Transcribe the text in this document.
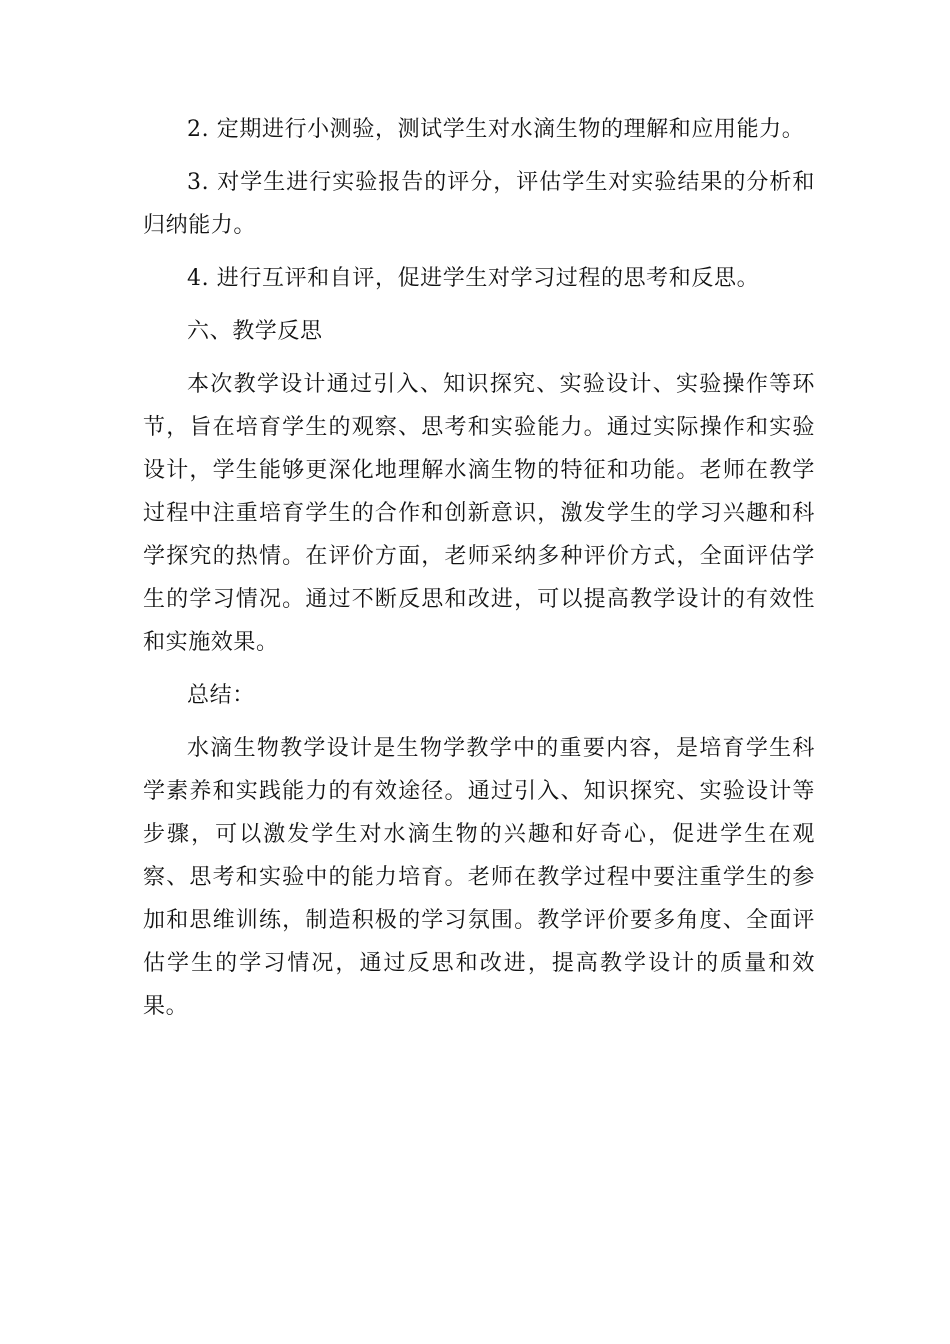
2. 定期进行小测验，测试学生对水滴生物的理解和应用能力。

3. 对学生进行实验报告的评分，评估学生对实验结果的分析和归纳能力。

4. 进行互评和自评，促进学生对学习过程的思考和反思。

六、教学反思

本次教学设计通过引入、知识探究、实验设计、实验操作等环节，旨在培育学生的观察、思考和实验能力。通过实际操作和实验设计，学生能够更深化地理解水滴生物的特征和功能。老师在教学过程中注重培育学生的合作和创新意识，激发学生的学习兴趣和科学探究的热情。在评价方面，老师采纳多种评价方式，全面评估学生的学习情况。通过不断反思和改进，可以提高教学设计的有效性和实施效果。

总结：

水滴生物教学设计是生物学教学中的重要内容，是培育学生科学素养和实践能力的有效途径。通过引入、知识探究、实验设计等步骤，可以激发学生对水滴生物的兴趣和好奇心，促进学生在观察、思考和实验中的能力培育。老师在教学过程中要注重学生的参加和思维训练，制造积极的学习氛围。教学评价要多角度、全面评估学生的学习情况，通过反思和改进，提高教学设计的质量和效果。
